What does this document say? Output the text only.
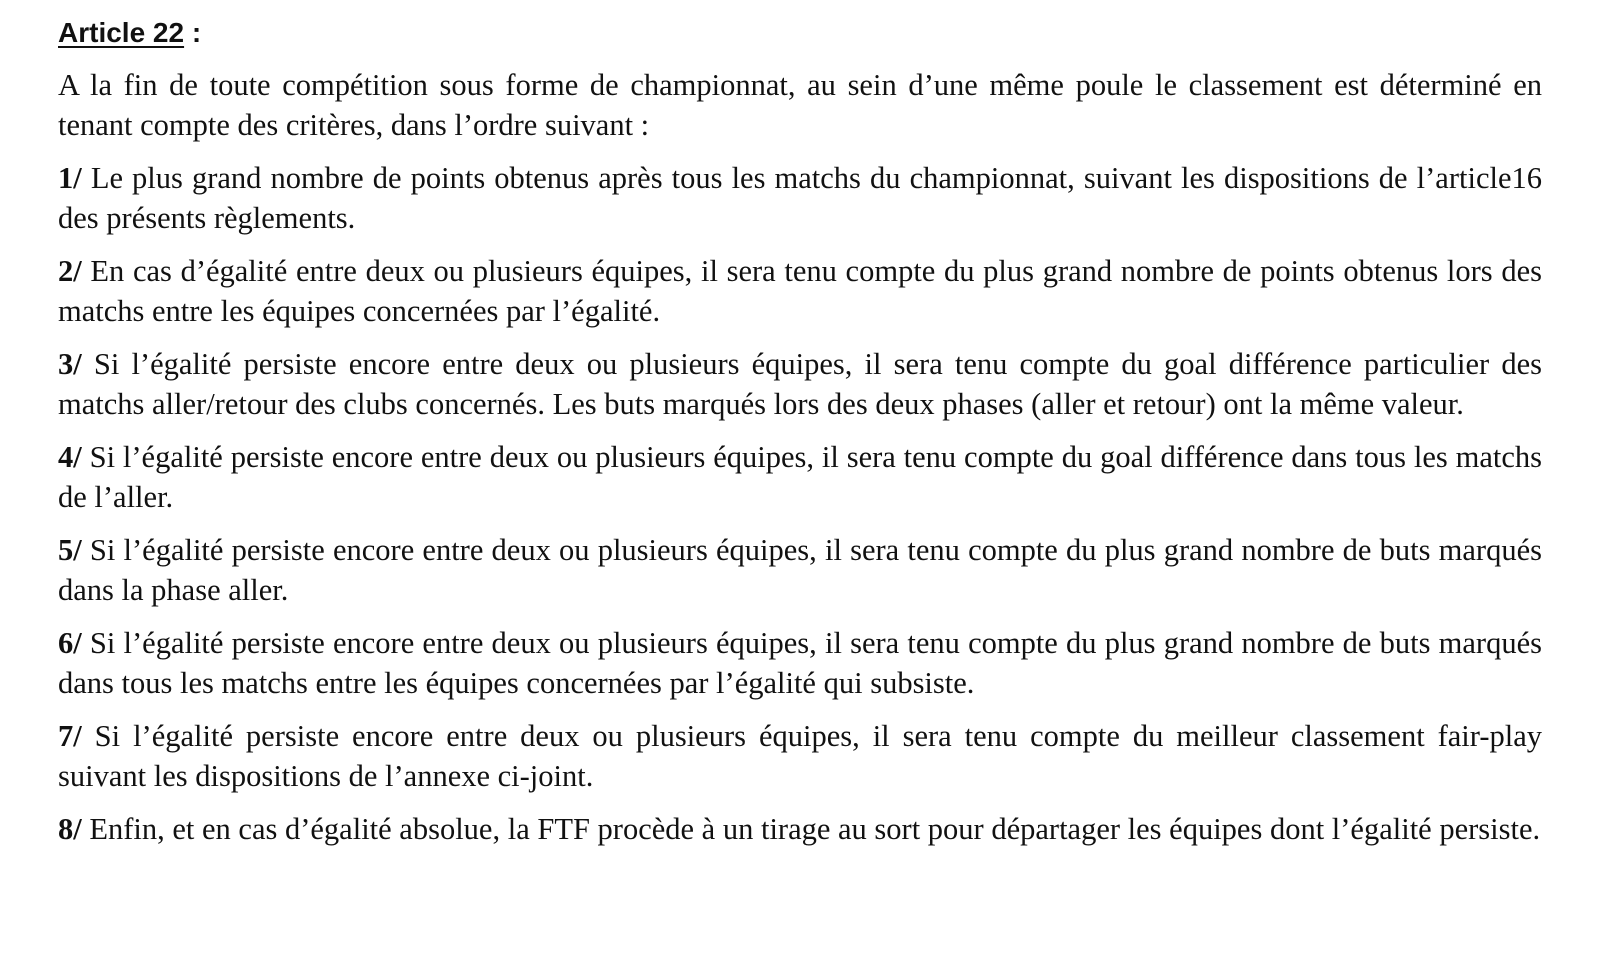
Article 22 :

A la fin de toute compétition sous forme de championnat, au sein d’une même poule le classement est déterminé en tenant compte des critères, dans l’ordre suivant :

1/ Le plus grand nombre de points obtenus après tous les matchs du championnat, suivant les dispositions de l’article16 des présents règlements.

2/ En cas d’égalité entre deux ou plusieurs équipes, il sera tenu compte du plus grand nombre de points obtenus lors des matchs entre les équipes concernées par l’égalité.

3/ Si l’égalité persiste encore entre deux ou plusieurs équipes, il sera tenu compte du goal différence particulier des matchs aller/retour des clubs concernés. Les buts marqués lors des deux phases (aller et retour) ont la même valeur.

4/ Si l’égalité persiste encore entre deux ou plusieurs équipes, il sera tenu compte du goal différence dans tous les matchs de l’aller.

5/ Si l’égalité persiste encore entre deux ou plusieurs équipes, il sera tenu compte du plus grand nombre de buts marqués dans la phase aller.

6/ Si l’égalité persiste encore entre deux ou plusieurs équipes, il sera tenu compte du plus grand nombre de buts marqués dans tous les matchs entre les équipes concernées par l’égalité qui subsiste.

7/ Si l’égalité persiste encore entre deux ou plusieurs équipes, il sera tenu compte du meilleur classement fair-play suivant les dispositions de l’annexe ci-joint.

8/ Enfin, et en cas d’égalité absolue, la FTF procède à un tirage au sort pour départager les équipes dont l’égalité persiste.
